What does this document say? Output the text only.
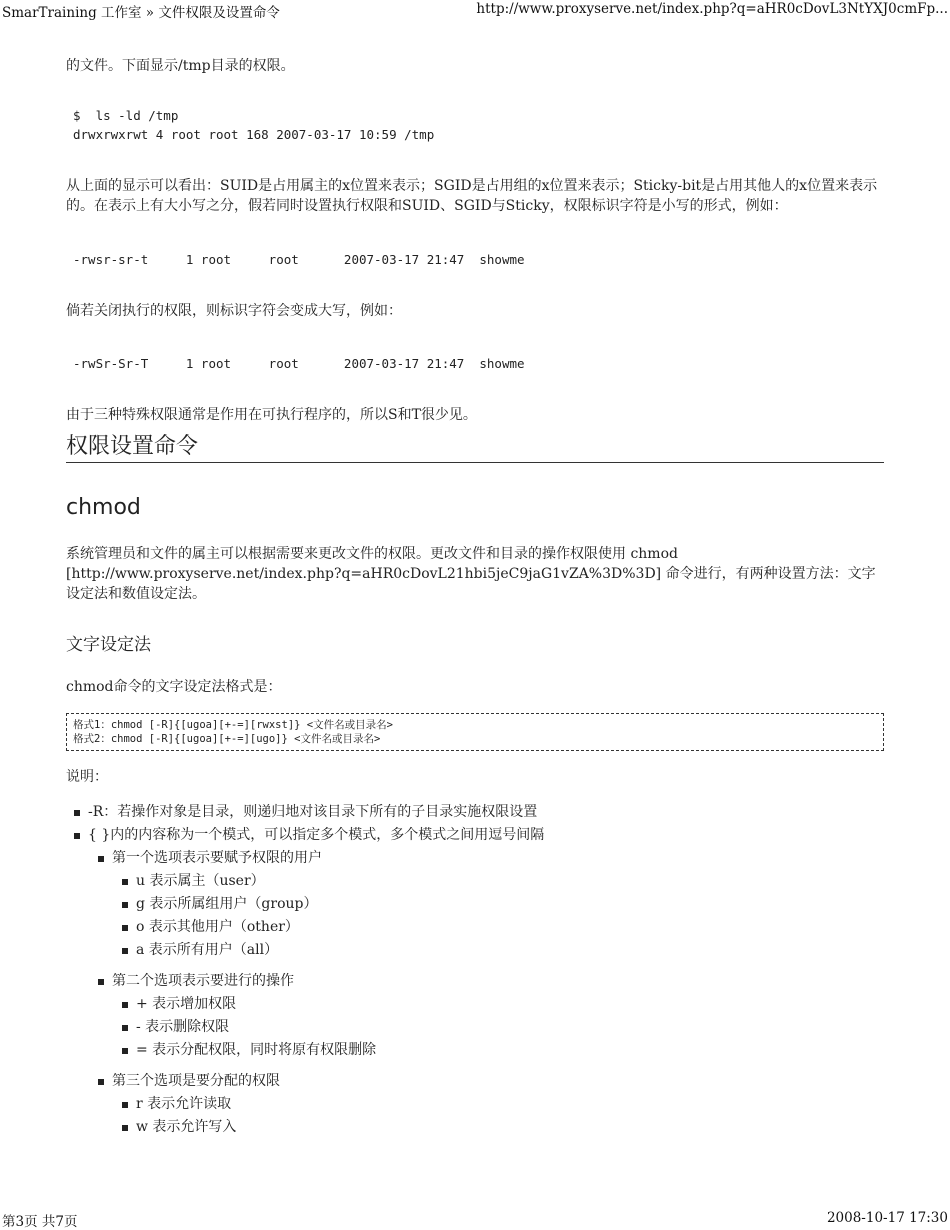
SmarTraining 工作室 » 文件权限及设置命令	http://www.proxyserve.net/index.php?q=aHR0cDovL3NtYXJ0cmFp...

的文件。下面显示/tmp目录的权限。

$  ls -ld /tmp
drwxrwxrwt 4 root root 168 2007-03-17 10:59 /tmp

从上面的显示可以看出：SUID是占用属主的x位置来表示；SGID是占用组的x位置来表示；Sticky-bit是占用其他人的x位置来表示的。在表示上有大小写之分，假若同时设置执行权限和SUID、SGID与Sticky，权限标识字符是小写的形式，例如：

-rwsr-sr-t     1 root     root      2007-03-17 21:47  showme

倘若关闭执行的权限，则标识字符会变成大写，例如：

-rwSr-Sr-T     1 root     root      2007-03-17 21:47  showme

由于三种特殊权限通常是作用在可执行程序的，所以S和T很少见。

权限设置命令
chmod

系统管理员和文件的属主可以根据需要来更改文件的权限。更改文件和目录的操作权限使用 chmod [http://www.proxyserve.net/index.php?q=aHR0cDovL21hbi5jeC9jaG1vZA%3D%3D] 命令进行，有两种设置方法：文字设定法和数值设定法。

文字设定法

chmod命令的文字设定法格式是：

格式1：chmod [-R]{[ugoa][+-=][rwxst]} <文件名或目录名>
格式2：chmod [-R]{[ugoa][+-=][ugo]} <文件名或目录名>

说明：

-R：若操作对象是目录，则递归地对该目录下所有的子目录实施权限设置
{ }内的内容称为一个模式，可以指定多个模式，多个模式之间用逗号间隔
第一个选项表示要赋予权限的用户
u 表示属主（user）
g 表示所属组用户（group）
o 表示其他用户（other）
a 表示所有用户（all）
第二个选项表示要进行的操作
+ 表示增加权限
- 表示删除权限
= 表示分配权限，同时将原有权限删除
第三个选项是要分配的权限
r 表示允许读取
w 表示允许写入
第3页 共7页	2008-10-17 17:30
